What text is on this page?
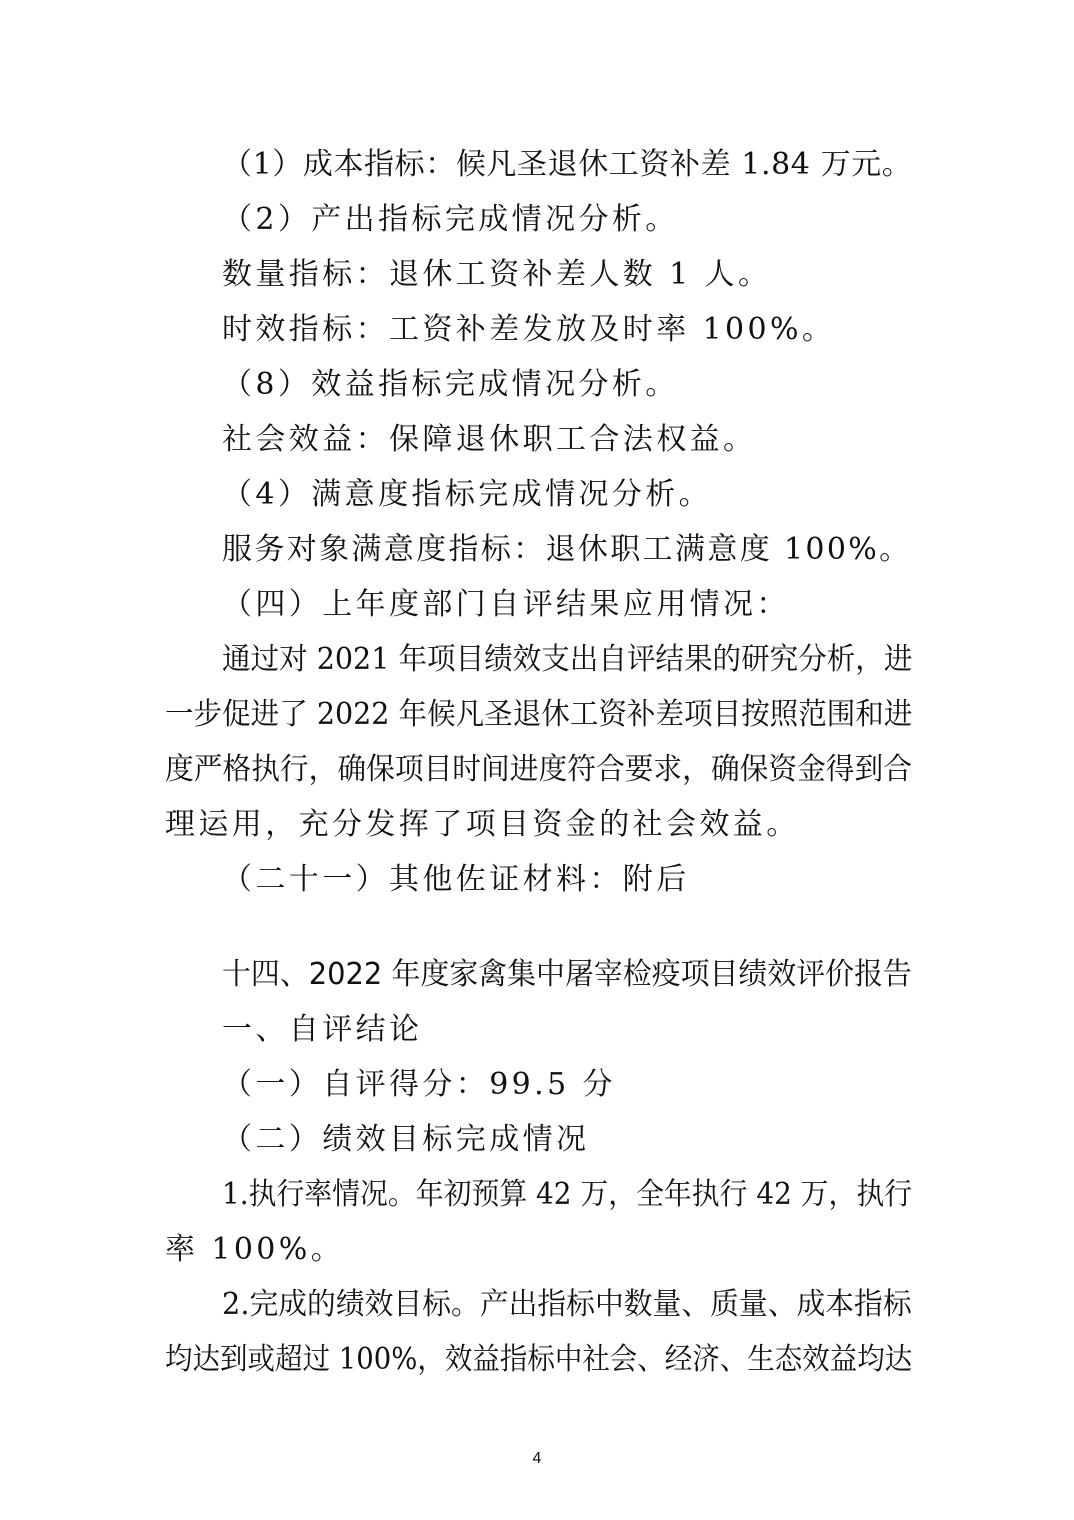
（1）成本指标：候凡圣退休工资补差 1.84 万元。
（2）产出指标完成情况分析。
数量指标：退休工资补差人数 1 人。
时效指标：工资补差发放及时率 100%。
（8）效益指标完成情况分析。
社会效益：保障退休职工合法权益。
（4）满意度指标完成情况分析。
服务对象满意度指标：退休职工满意度 100%。
（四）上年度部门自评结果应用情况：
通过对 2021 年项目绩效支出自评结果的研究分析，进
一步促进了 2022 年候凡圣退休工资补差项目按照范围和进
度严格执行，确保项目时间进度符合要求，确保资金得到合
理运用，充分发挥了项目资金的社会效益。
（二十一）其他佐证材料：附后
十四、2022 年度家禽集中屠宰检疫项目绩效评价报告
一、自评结论
（一）自评得分：99.5 分
（二）绩效目标完成情况
1.执行率情况。年初预算 42 万，全年执行 42 万，执行
率 100%。
2.完成的绩效目标。产出指标中数量、质量、成本指标
均达到或超过 100%，效益指标中社会、经济、生态效益均达
4
